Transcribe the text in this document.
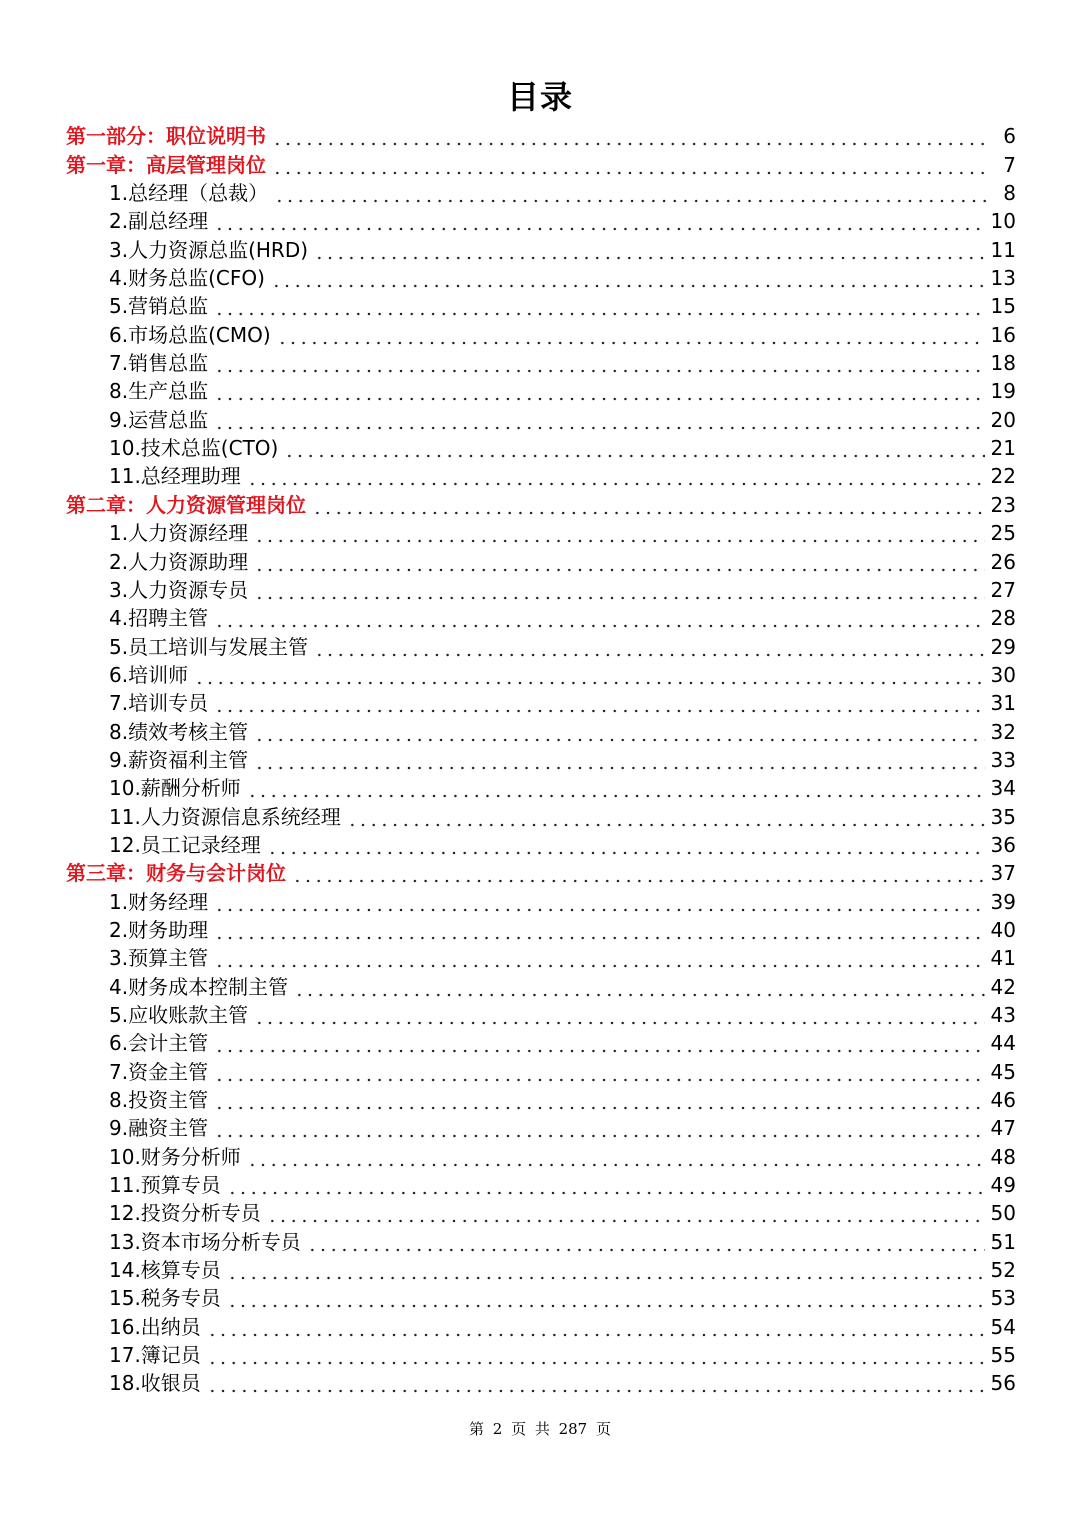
目录
第一部分：职位说明书	6
第一章：高层管理岗位	7
1.总经理（总裁）	8
2.副总经理	10
3.人力资源总监(HRD)	11
4.财务总监(CFO)	13
5.营销总监	15
6.市场总监(CMO)	16
7.销售总监	18
8.生产总监	19
9.运营总监	20
10.技术总监(CTO)	21
11.总经理助理	22
第二章：人力资源管理岗位	23
1.人力资源经理	25
2.人力资源助理	26
3.人力资源专员	27
4.招聘主管	28
5.员工培训与发展主管	29
6.培训师	30
7.培训专员	31
8.绩效考核主管	32
9.薪资福利主管	33
10.薪酬分析师	34
11.人力资源信息系统经理	35
12.员工记录经理	36
第三章：财务与会计岗位	37
1.财务经理	39
2.财务助理	40
3.预算主管	41
4.财务成本控制主管	42
5.应收账款主管	43
6.会计主管	44
7.资金主管	45
8.投资主管	46
9.融资主管	47
10.财务分析师	48
11.预算专员	49
12.投资分析专员	50
13.资本市场分析专员	51
14.核算专员	52
15.税务专员	53
16.出纳员	54
17.簿记员	55
18.收银员	56
第 2 页 共 287 页
